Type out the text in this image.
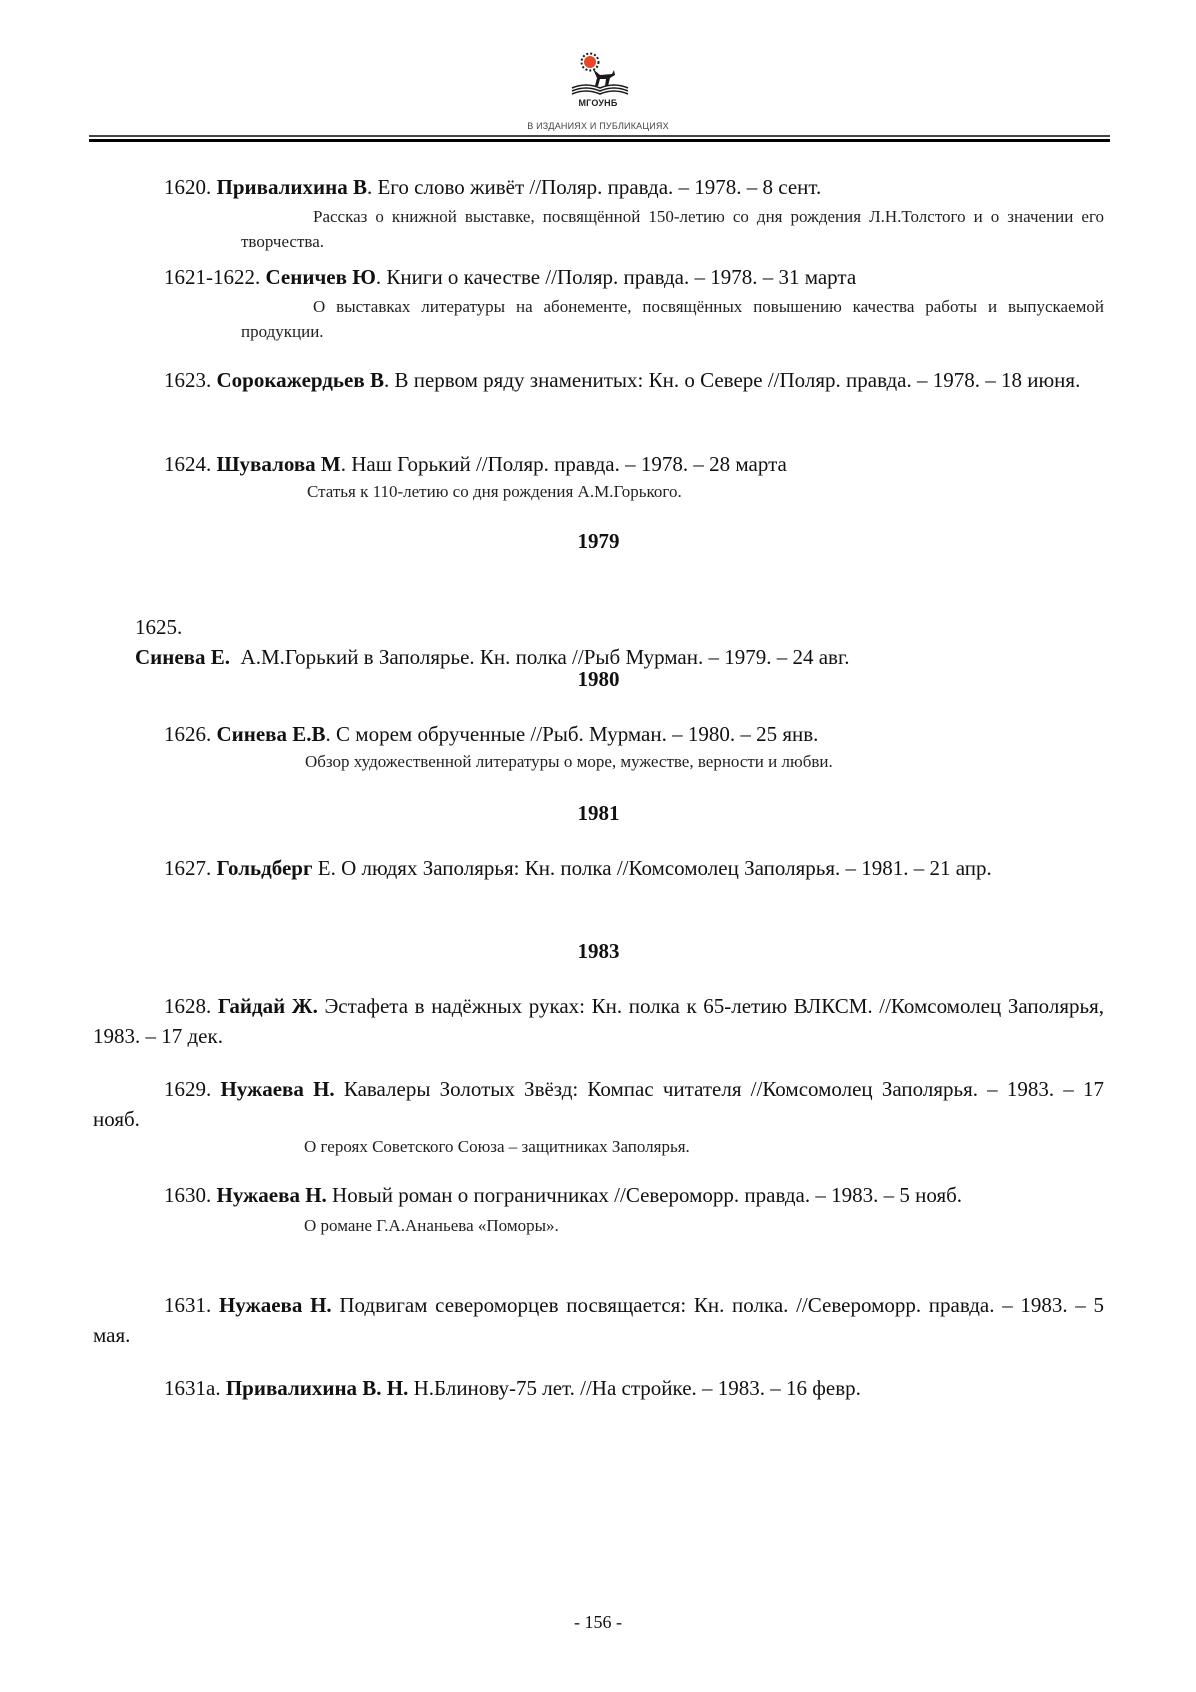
МГОУНБ
В ИЗДАНИЯХ И ПУБЛИКАЦИЯХ
1620. Привалихина В. Его слово живёт //Поляр. правда. – 1978. – 8 сент.
Рассказ о книжной выставке, посвящённой 150-летию со дня рождения Л.Н.Толстого и о значении его творчества.
1621-1622. Сеничев Ю. Книги о качестве //Поляр. правда. – 1978. – 31 марта
О выставках литературы на абонементе, посвящённых повышению качества работы и выпускаемой продукции.
1623. Сорокажердьев В. В первом ряду знаменитых: Кн. о Севере //Поляр. правда. – 1978. – 18 июня.
1624. Шувалова М. Наш Горький //Поляр. правда. – 1978. – 28 марта
Статья к 110-летию со дня рождения А.М.Горького.
1979

1625.
Синева Е.  А.М.Горький в Заполярье. Кн. полка //Рыб Мурман. – 1979. – 24 авг.

1980
1626. Синева Е.В. С морем обрученные //Рыб. Мурман. – 1980. – 25 янв.
Обзор художественной литературы о море, мужестве, верности и любви.
1981
1627. Гольдберг Е. О людях Заполярья: Кн. полка //Комсомолец Заполярья. – 1981. – 21 апр.
1983
1628. Гайдай Ж. Эстафета в надёжных руках: Кн. полка к 65-летию ВЛКСМ. //Комсомолец Заполярья, 1983. – 17 дек.
1629. Нужаева Н. Кавалеры Золотых Звёзд: Компас читателя //Комсомолец Заполярья. – 1983. – 17 нояб.
О героях Советского Союза – защитниках Заполярья.
1630. Нужаева Н. Новый роман о пограничниках //Североморр. правда. – 1983. – 5 нояб.
О романе Г.А.Ананьева «Поморы».
1631. Нужаева Н. Подвигам североморцев посвящается: Кн. полка. //Североморр. правда. – 1983. – 5 мая.
1631а. Привалихина В. Н. Н.Блинову-75 лет. //На стройке. – 1983. – 16 февр.
- 156 -
